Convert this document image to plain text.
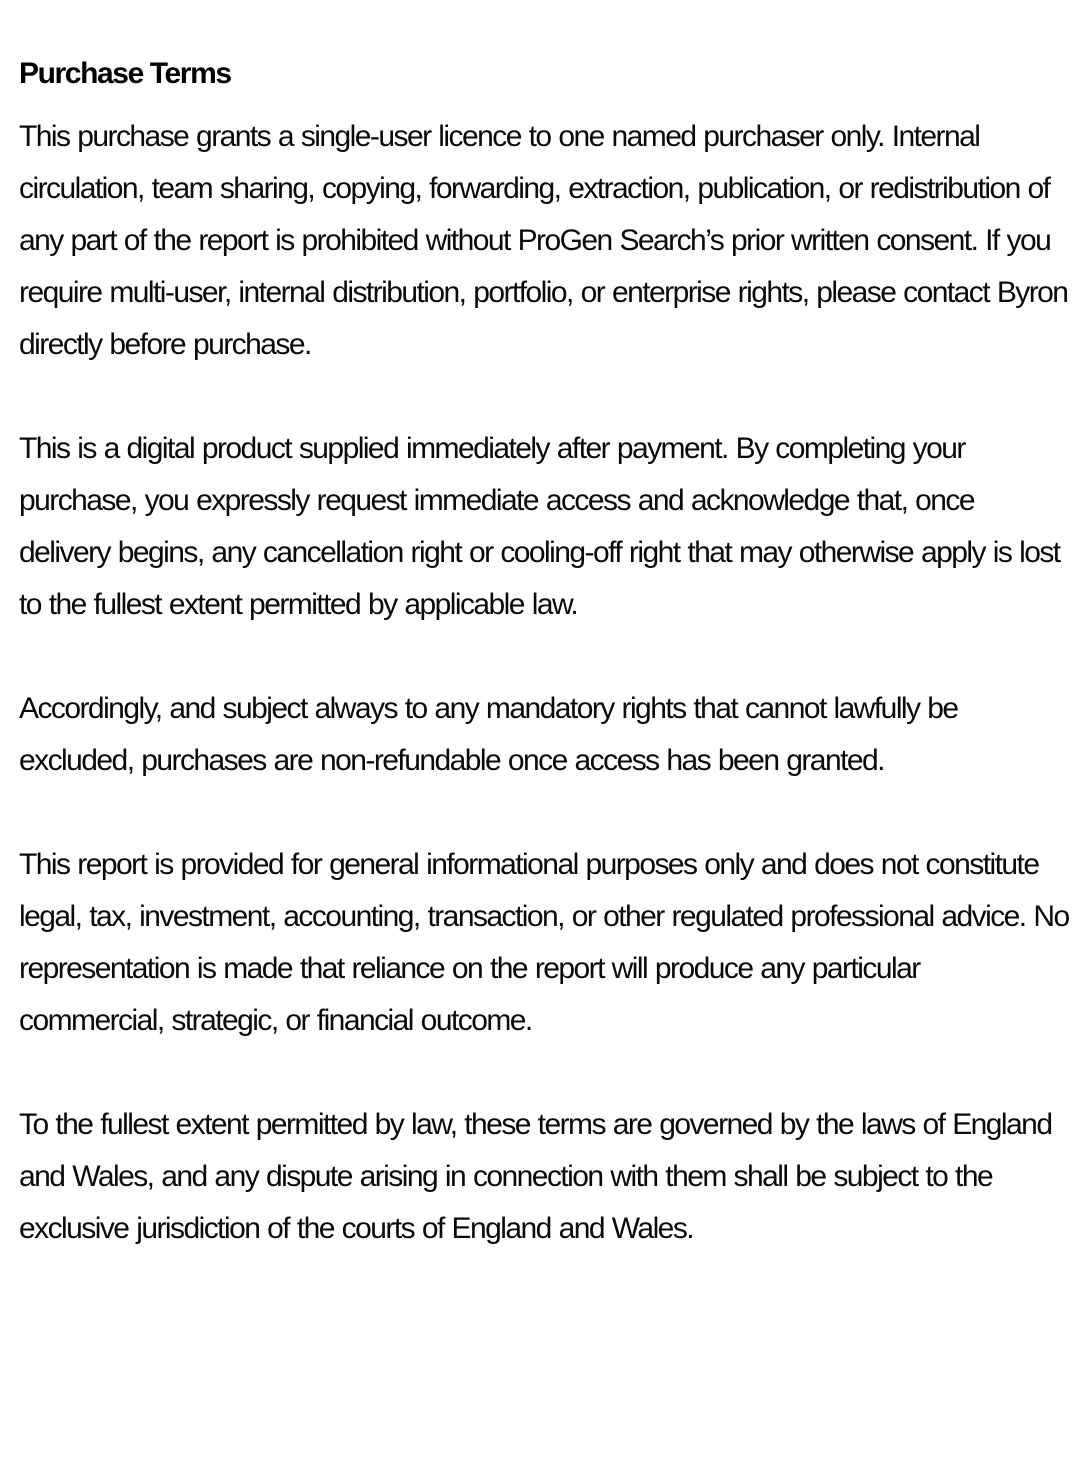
Purchase Terms

This purchase grants a single-user licence to one named purchaser only. Internal circulation, team sharing, copying, forwarding, extraction, publication, or redistribution of any part of the report is prohibited without ProGen Search’s prior written consent. If you require multi-user, internal distribution, portfolio, or enterprise rights, please contact Byron directly before purchase.

This is a digital product supplied immediately after payment. By completing your purchase, you expressly request immediate access and acknowledge that, once delivery begins, any cancellation right or cooling-off right that may otherwise apply is lost to the fullest extent permitted by applicable law.

Accordingly, and subject always to any mandatory rights that cannot lawfully be excluded, purchases are non-refundable once access has been granted.

This report is provided for general informational purposes only and does not constitute legal, tax, investment, accounting, transaction, or other regulated professional advice. No representation is made that reliance on the report will produce any particular commercial, strategic, or financial outcome.

To the fullest extent permitted by law, these terms are governed by the laws of England and Wales, and any dispute arising in connection with them shall be subject to the exclusive jurisdiction of the courts of England and Wales.
